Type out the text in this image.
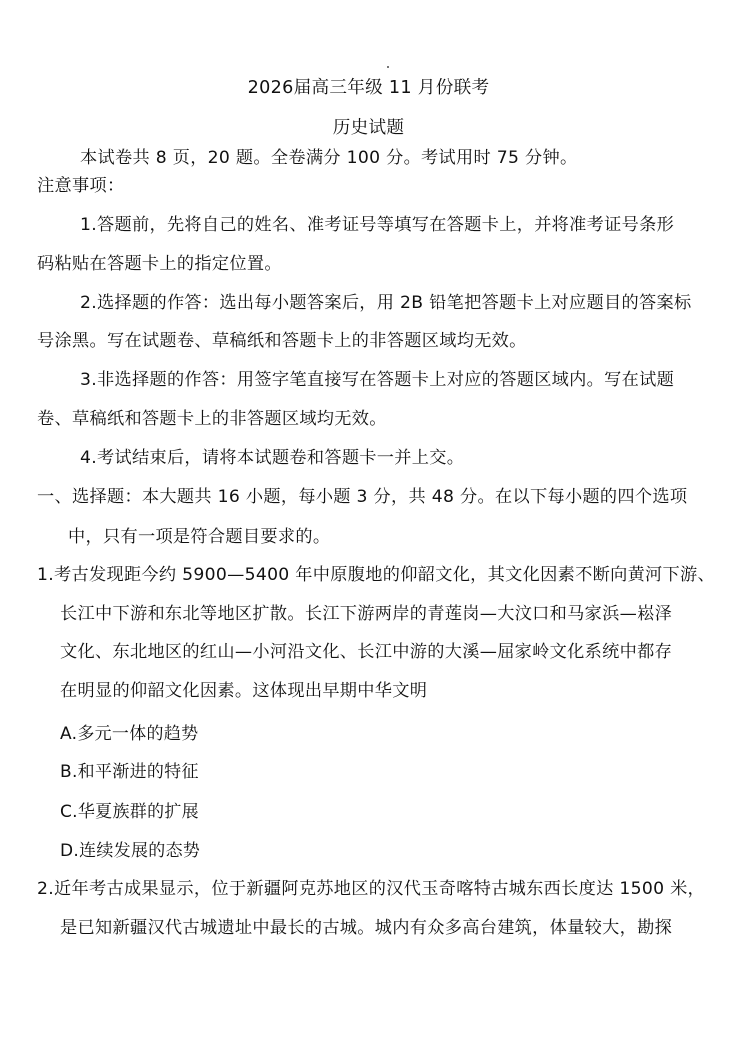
2026届高三年级 11 月份联考
历史试题
本试卷共 8 页，20 题。全卷满分 100 分。考试用时 75 分钟。
注意事项：
1.答题前，先将自己的姓名、准考证号等填写在答题卡上，并将准考证号条形
码粘贴在答题卡上的指定位置。
2.选择题的作答：选出每小题答案后，用 2B 铅笔把答题卡上对应题目的答案标
号涂黑。写在试题卷、草稿纸和答题卡上的非答题区域均无效。
3.非选择题的作答：用签字笔直接写在答题卡上对应的答题区域内。写在试题
卷、草稿纸和答题卡上的非答题区域均无效。
4.考试结束后，请将本试题卷和答题卡一并上交。
一、选择题：本大题共 16 小题，每小题 3 分，共 48 分。在以下每小题的四个选项
中，只有一项是符合题目要求的。
1.考古发现距今约 5900—5400 年中原腹地的仰韶文化，其文化因素不断向黄河下游、
长江中下游和东北等地区扩散。长江下游两岸的青莲岗—大汶口和马家浜—崧泽
文化、东北地区的红山—小河沿文化、长江中游的大溪—屈家岭文化系统中都存
在明显的仰韶文化因素。这体现出早期中华文明
A.多元一体的趋势
B.和平渐进的特征
C.华夏族群的扩展
D.连续发展的态势
2.近年考古成果显示，位于新疆阿克苏地区的汉代玉奇喀特古城东西长度达 1500 米，
是已知新疆汉代古城遗址中最长的古城。城内有众多高台建筑，体量较大，勘探
